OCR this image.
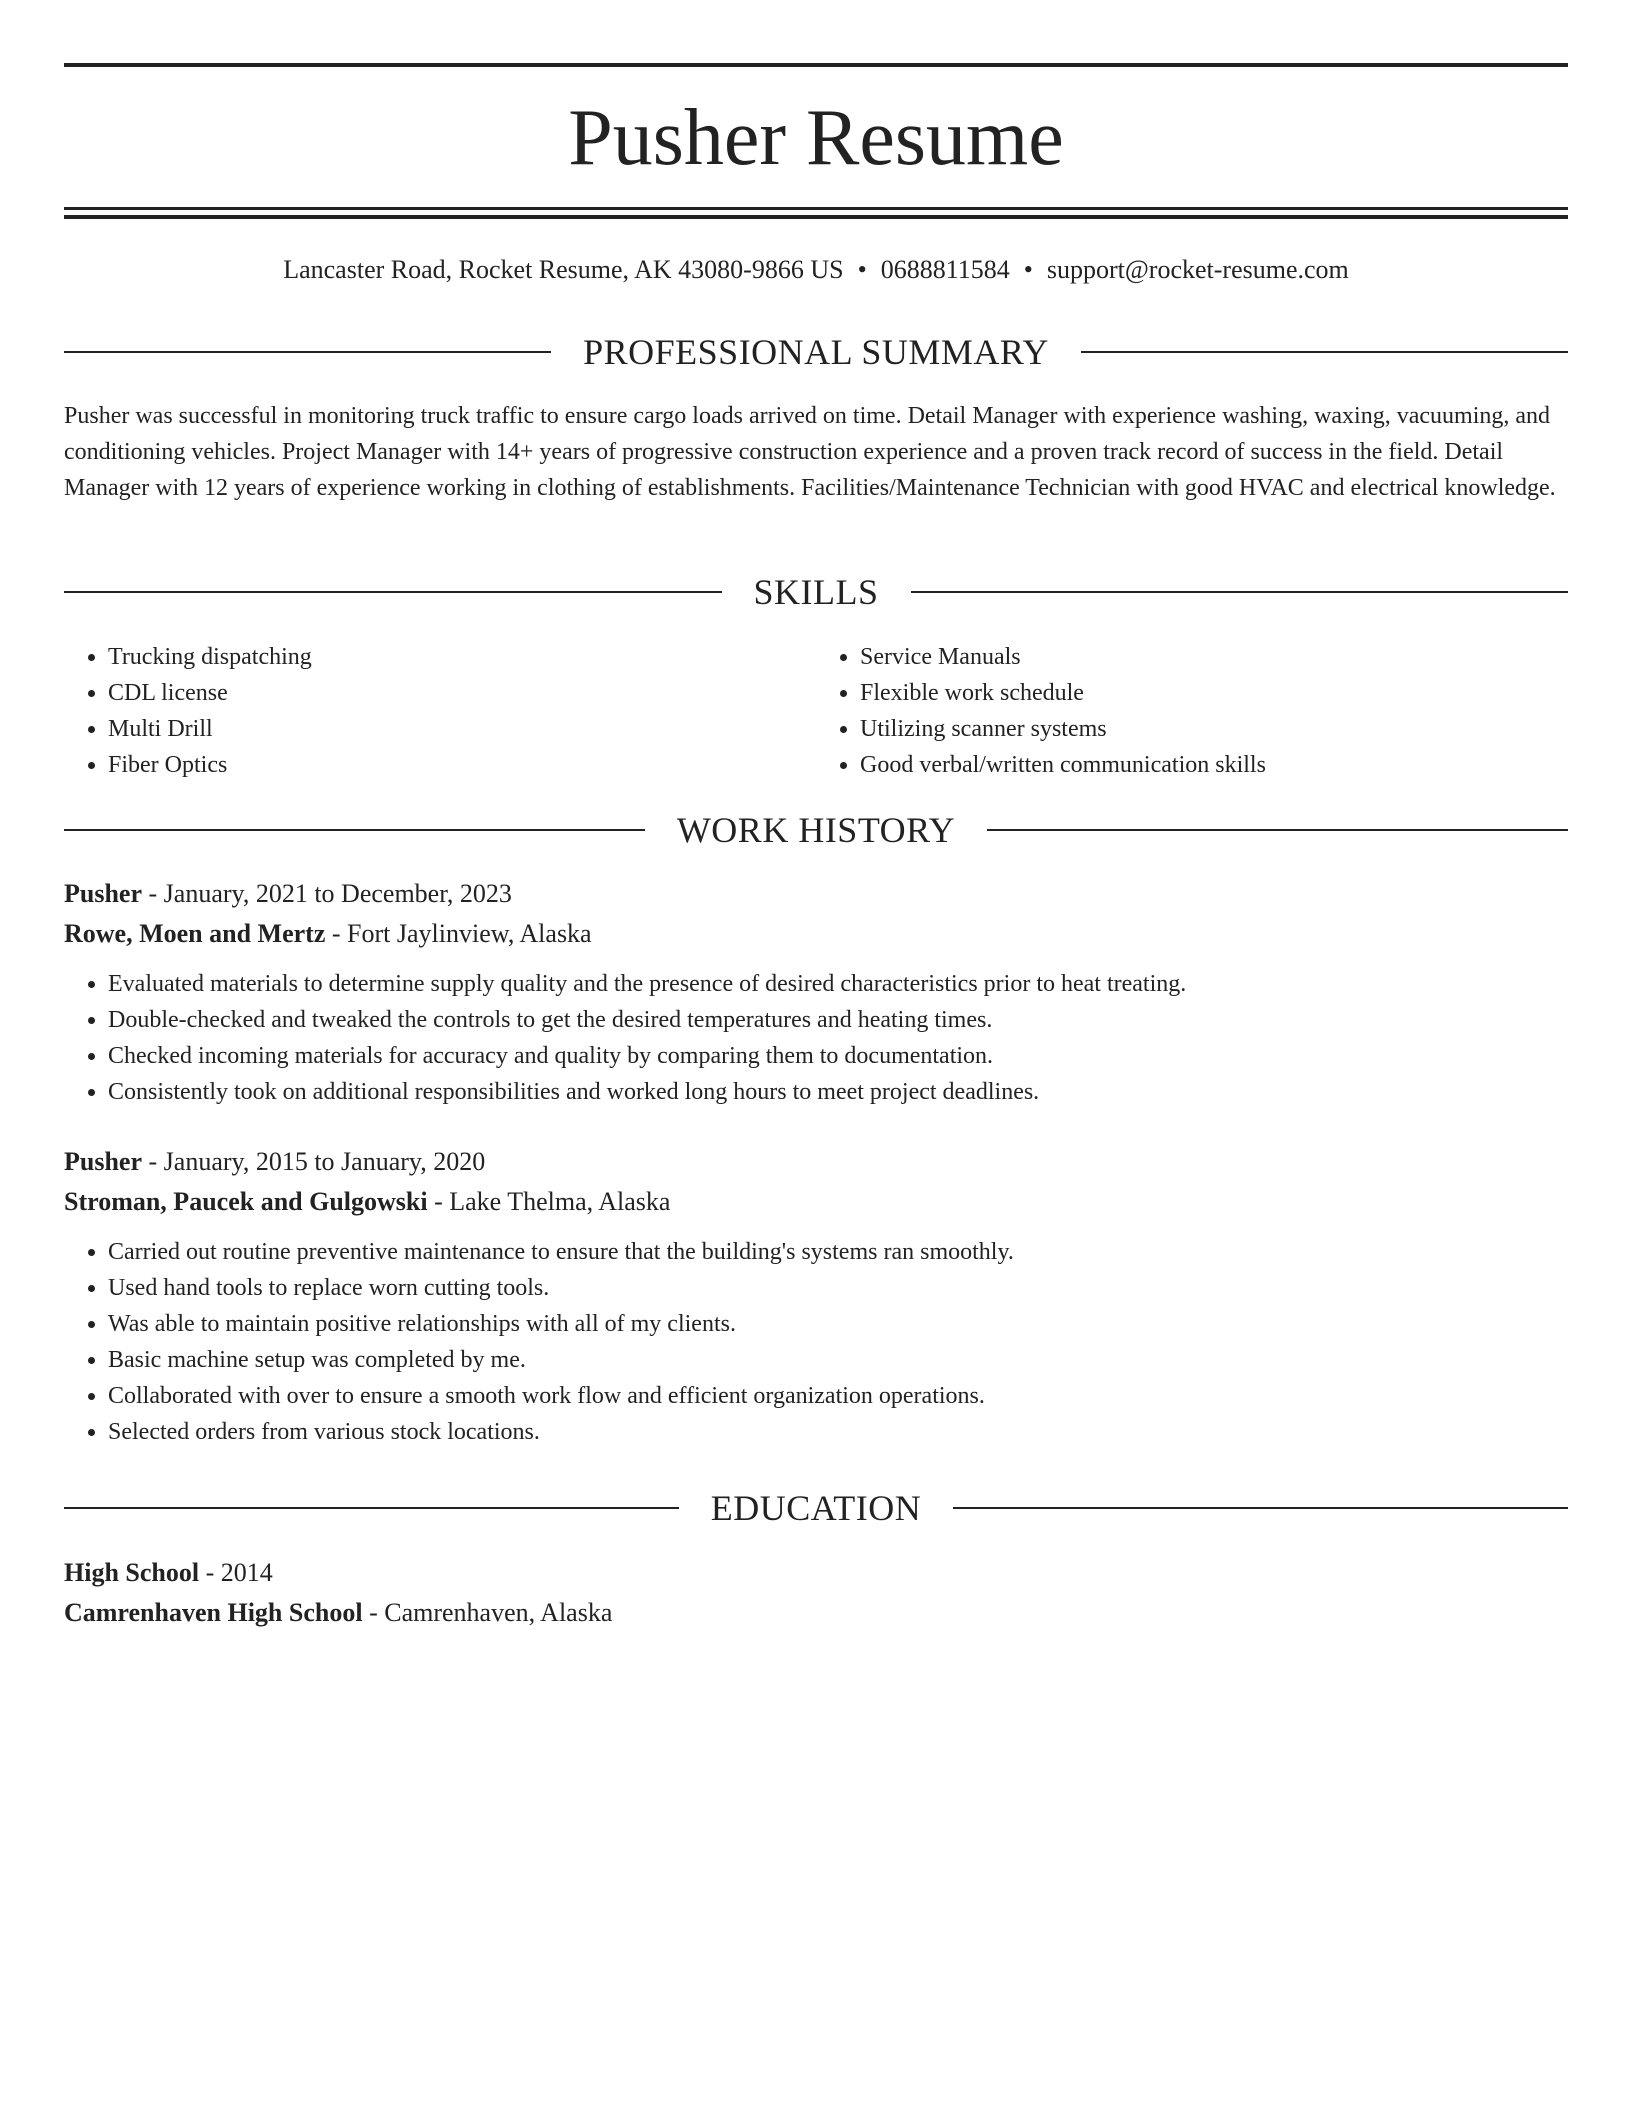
Pusher Resume
Lancaster Road, Rocket Resume, AK 43080-9866 US • 0688811584 • support@rocket-resume.com
PROFESSIONAL SUMMARY

Pusher was successful in monitoring truck traffic to ensure cargo loads arrived on time. Detail Manager with experience washing, waxing, vacuuming, and conditioning vehicles. Project Manager with 14+ years of progressive construction experience and a proven track record of success in the field. Detail Manager with 12 years of experience working in clothing of establishments. Facilities/Maintenance Technician with good HVAC and electrical knowledge.

SKILLS
• Trucking dispatching
• CDL license
• Multi Drill
• Fiber Optics
• Service Manuals
• Flexible work schedule
• Utilizing scanner systems
• Good verbal/written communication skills
WORK HISTORY
Pusher - January, 2021 to December, 2023
Rowe, Moen and Mertz - Fort Jaylinview, Alaska
• Evaluated materials to determine supply quality and the presence of desired characteristics prior to heat treating.
• Double-checked and tweaked the controls to get the desired temperatures and heating times.
• Checked incoming materials for accuracy and quality by comparing them to documentation.
• Consistently took on additional responsibilities and worked long hours to meet project deadlines.
Pusher - January, 2015 to January, 2020
Stroman, Paucek and Gulgowski - Lake Thelma, Alaska
• Carried out routine preventive maintenance to ensure that the building's systems ran smoothly.
• Used hand tools to replace worn cutting tools.
• Was able to maintain positive relationships with all of my clients.
• Basic machine setup was completed by me.
• Collaborated with over to ensure a smooth work flow and efficient organization operations.
• Selected orders from various stock locations.
EDUCATION
High School - 2014
Camrenhaven High School - Camrenhaven, Alaska
